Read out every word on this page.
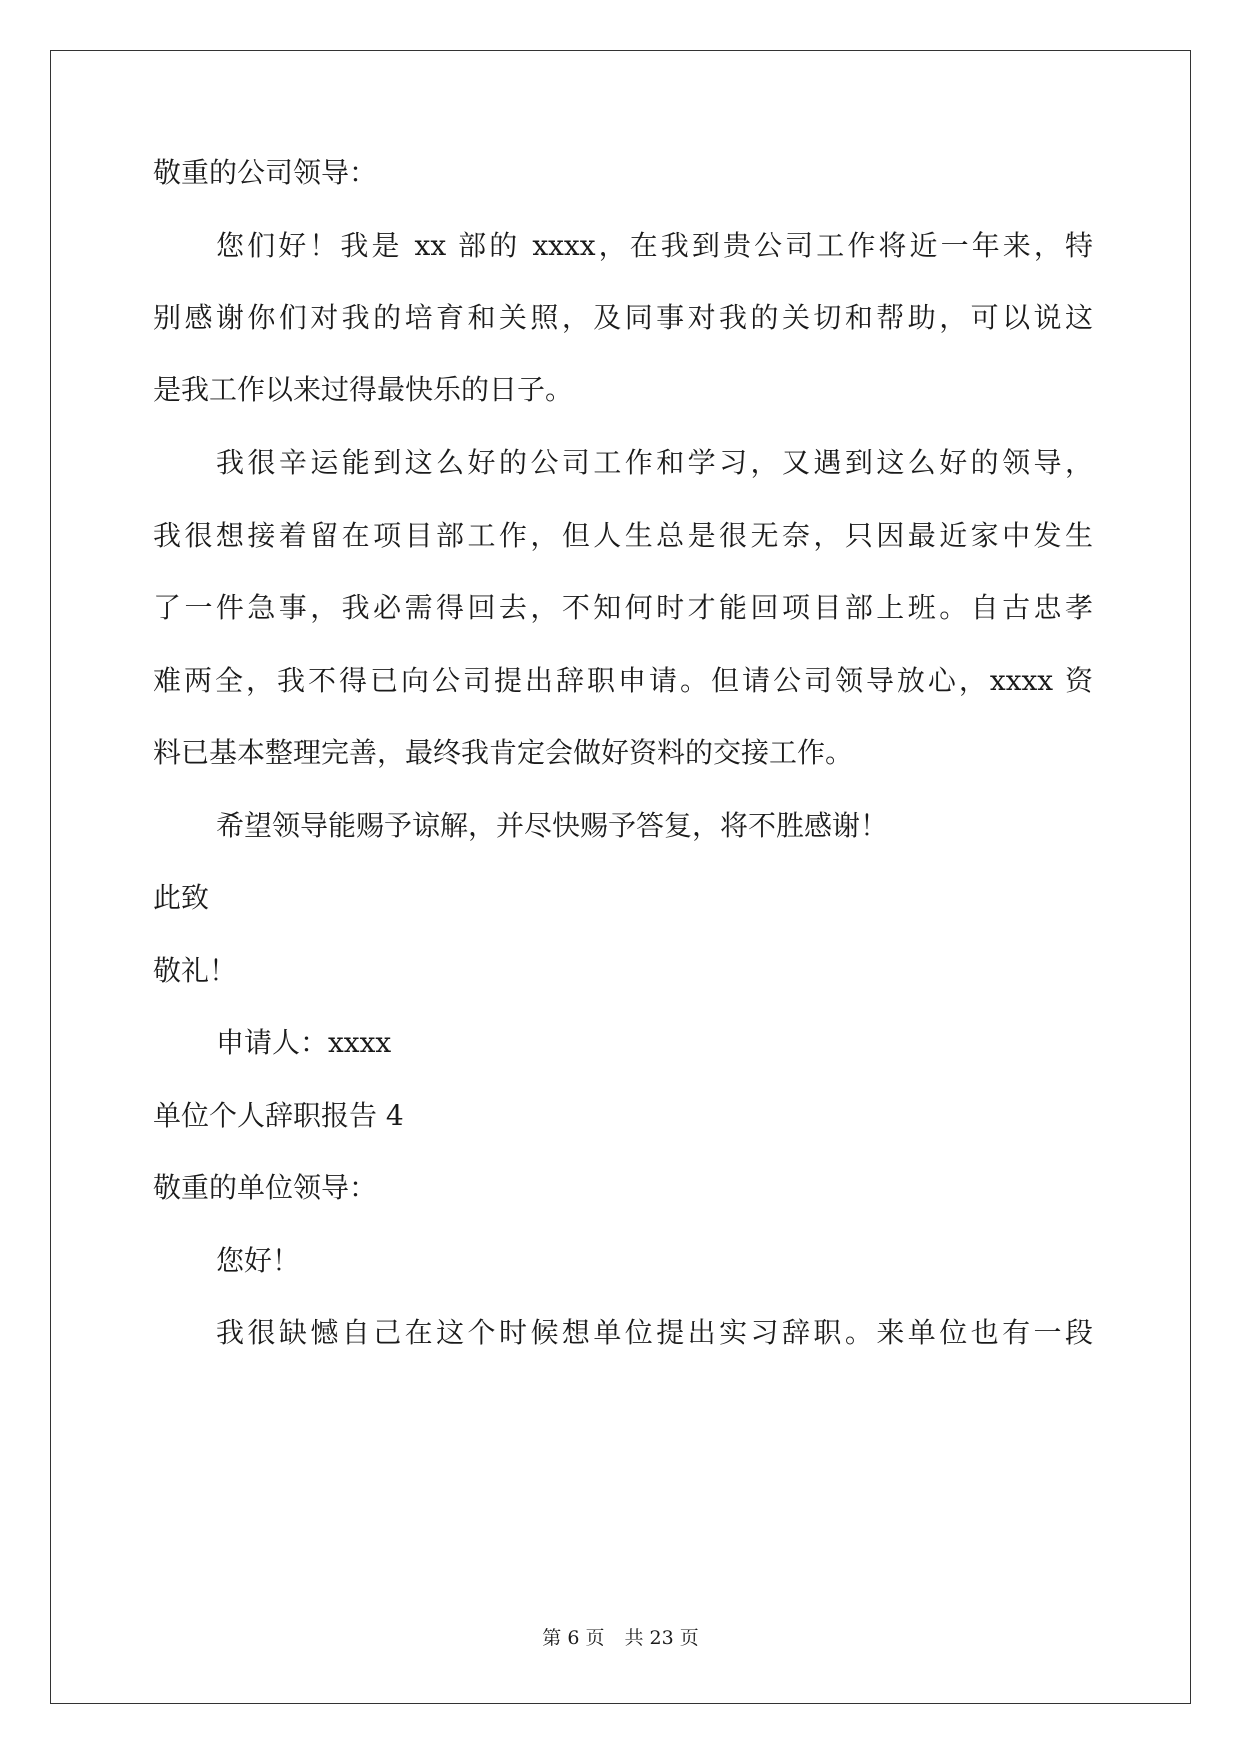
敬重的公司领导：
您们好！我是 xx 部的 xxxx，在我到贵公司工作将近一年来，特
别感谢你们对我的培育和关照，及同事对我的关切和帮助，可以说这
是我工作以来过得最快乐的日子。
我很辛运能到这么好的公司工作和学习，又遇到这么好的领导，
我很想接着留在项目部工作，但人生总是很无奈，只因最近家中发生
了一件急事，我必需得回去，不知何时才能回项目部上班。自古忠孝
难两全，我不得已向公司提出辞职申请。但请公司领导放心，xxxx 资
料已基本整理完善，最终我肯定会做好资料的交接工作。
希望领导能赐予谅解，并尽快赐予答复，将不胜感谢！
此致
敬礼！
申请人：xxxx
单位个人辞职报告 4
敬重的单位领导：
您好！
我很缺憾自己在这个时候想单位提出实习辞职。来单位也有一段
第 6 页 共 23 页
